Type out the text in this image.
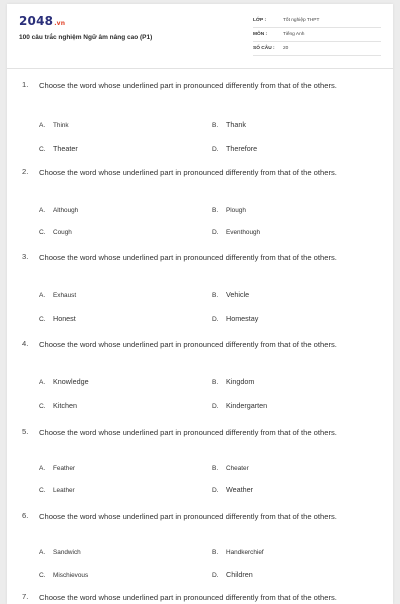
2048.vn
100 câu trắc nghiệm Ngữ âm nâng cao (P1)
LỚP :	Tốt nghiệp THPT
MÔN :	Tiếng Anh
SỐ CÂU : 20
1. Choose the word whose underlined part in pronounced differently from that of the others.
A. Think	B. Thank
C. Theater	D. Therefore
2. Choose the word whose underlined part in pronounced differently from that of the others.
A. Although	B. Plough
C. Cough	D. Eventhough
3. Choose the word whose underlined part in pronounced differently from that of the others.
A. Exhaust	B. Vehicle
C. Honest	D. Homestay
4. Choose the word whose underlined part in pronounced differently from that of the others.
A. Knowledge	B. Kingdom
C. Kitchen	D. Kindergarten
5. Choose the word whose underlined part in pronounced differently from that of the others.
A. Feather	B. Cheater
C. Leather	D. Weather
6. Choose the word whose underlined part in pronounced differently from that of the others.
A. Sandwich	B. Handkerchief
C. Mischievous	D. Children
7. Choose the word whose underlined part in pronounced differently from that of the others.
